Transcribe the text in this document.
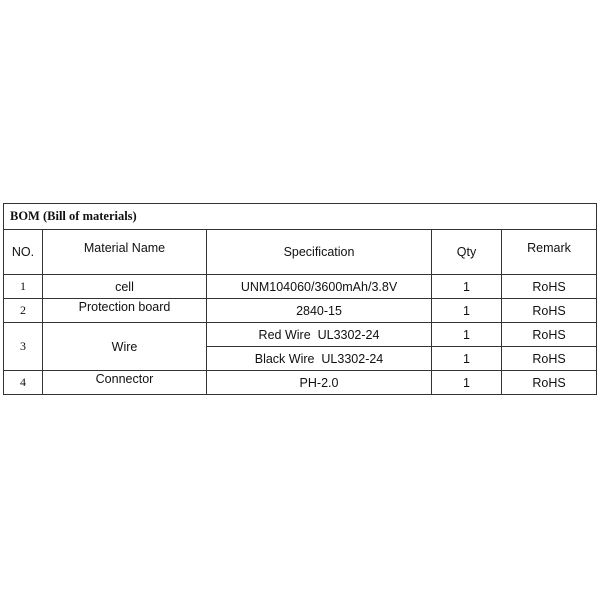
BOM (Bill of materials)				
NO.	Material Name	Specification	Qty	Remark
1	cell	UNM104060/3600mAh/3.8V	1	RoHS
2	Protection board	2840-15	1	RoHS
3	Wire	Red Wire  UL3302-24	1	RoHS
		Black Wire  UL3302-24	1	RoHS
4	Connector	PH-2.0	1	RoHS
